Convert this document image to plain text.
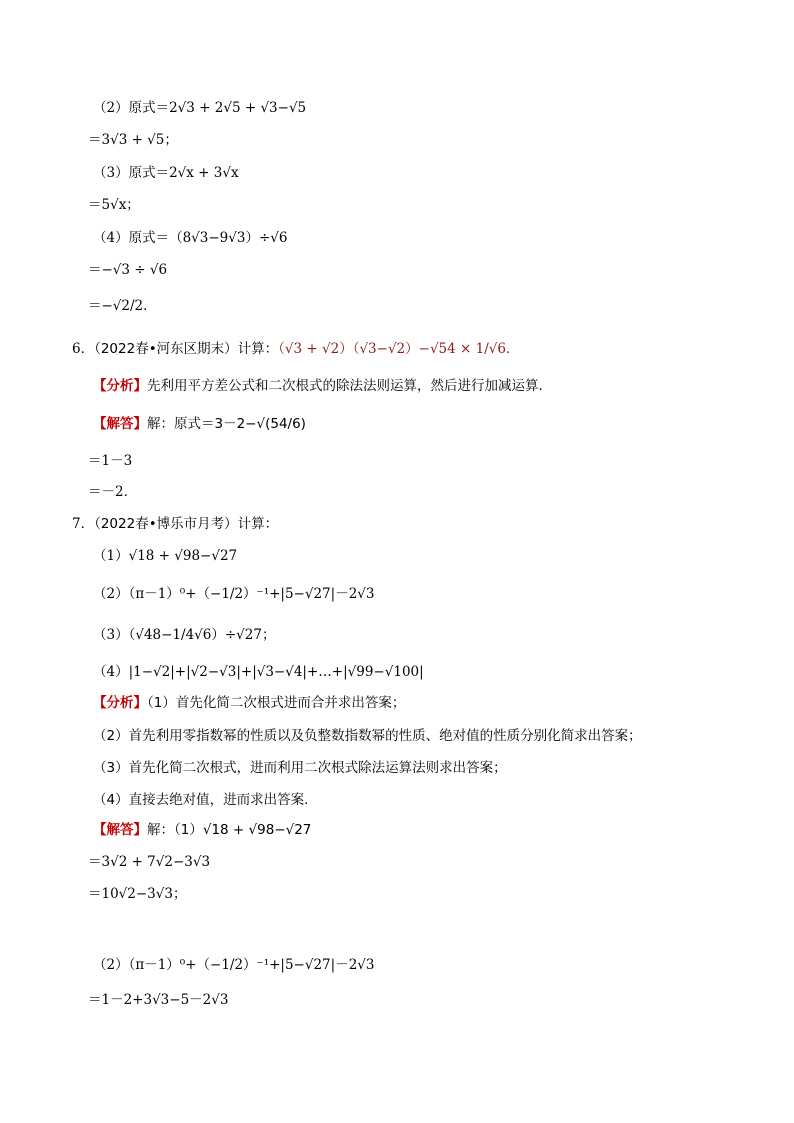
（2）原式＝2√3 + 2√5 + √3−√5
＝3√3 + √5；
（3）原式＝2√x + 3√x
＝5√x；
（4）原式＝（8√3−9√3）÷√6
＝−√3 ÷ √6
＝−√2/2．
6．（2022春•河东区期末）计算：（√3 + √2）（√3−√2）−√54 × 1/√6．
【分析】先利用平方差公式和二次根式的除法法则运算，然后进行加减运算．
【解答】解：原式＝3－2−√(54/6)
＝1－3
＝－2．
7．（2022春•博乐市月考）计算：
（1）√18 + √98−√27
（2）（π－1）⁰+（−1/2）⁻¹+|5−√27|－2√3
（3）（√48−1/4√6）÷√27；
（4）|1−√2|+|√2−√3|+|√3−√4|+…+|√99−√100|
【分析】（1）首先化简二次根式进而合并求出答案；
（2）首先利用零指数幂的性质以及负整数指数幂的性质、绝对值的性质分别化简求出答案；
（3）首先化简二次根式，进而利用二次根式除法运算法则求出答案；
（4）直接去绝对值，进而求出答案．
【解答】解：（1）√18 + √98−√27
＝3√2 + 7√2−3√3
＝10√2−3√3；
（2）（π－1）⁰+（−1/2）⁻¹+|5−√27|－2√3
＝1－2+3√3−5－2√3
